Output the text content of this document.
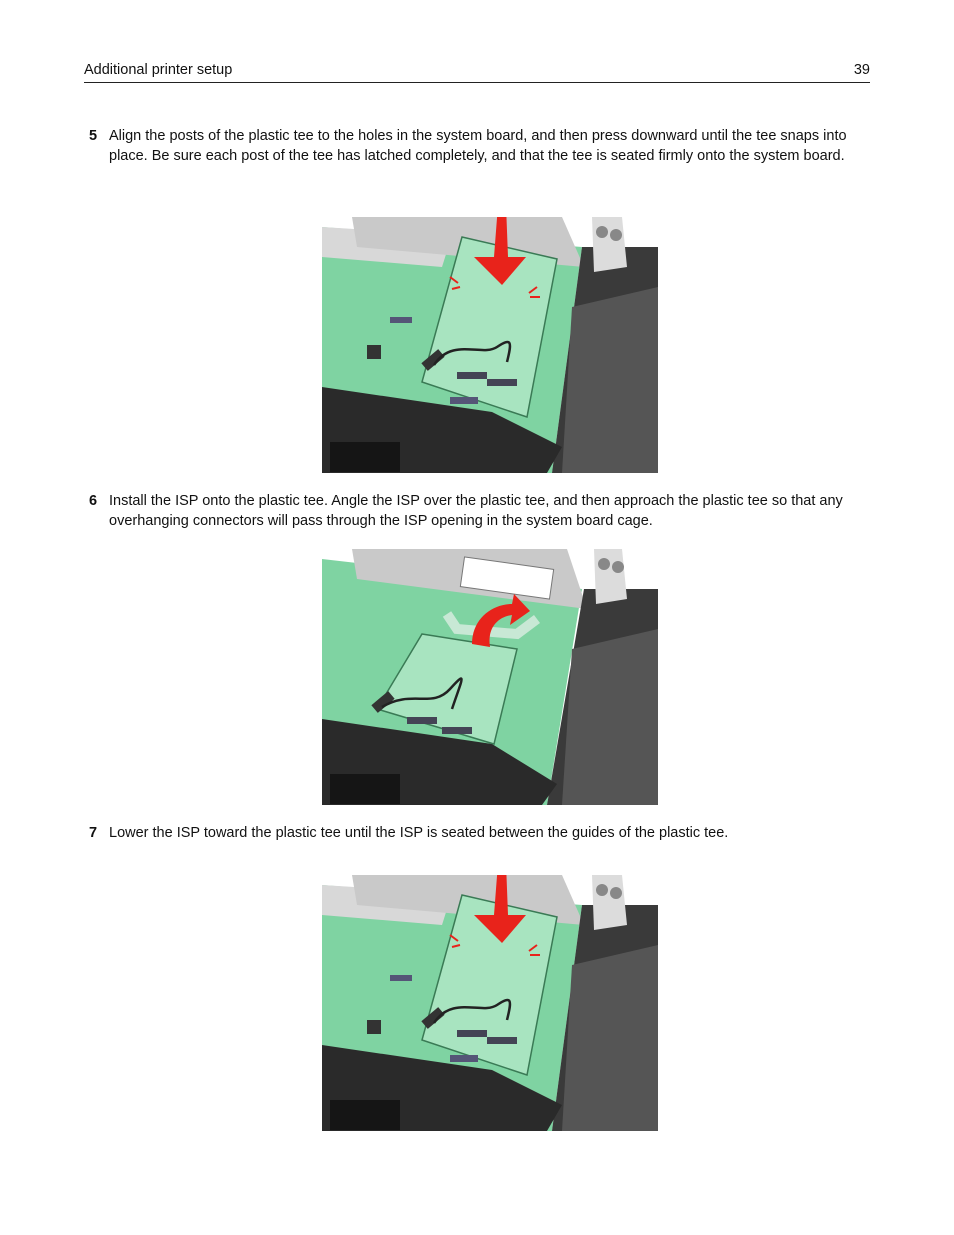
Additional printer setup	39
5 Align the posts of the plastic tee to the holes in the system board, and then press downward until the tee snaps into place. Be sure each post of the tee has latched completely, and that the tee is seated firmly onto the system board.
6 Install the ISP onto the plastic tee. Angle the ISP over the plastic tee, and then approach the plastic tee so that any overhanging connectors will pass through the ISP opening in the system board cage.
7 Lower the ISP toward the plastic tee until the ISP is seated between the guides of the plastic tee.
